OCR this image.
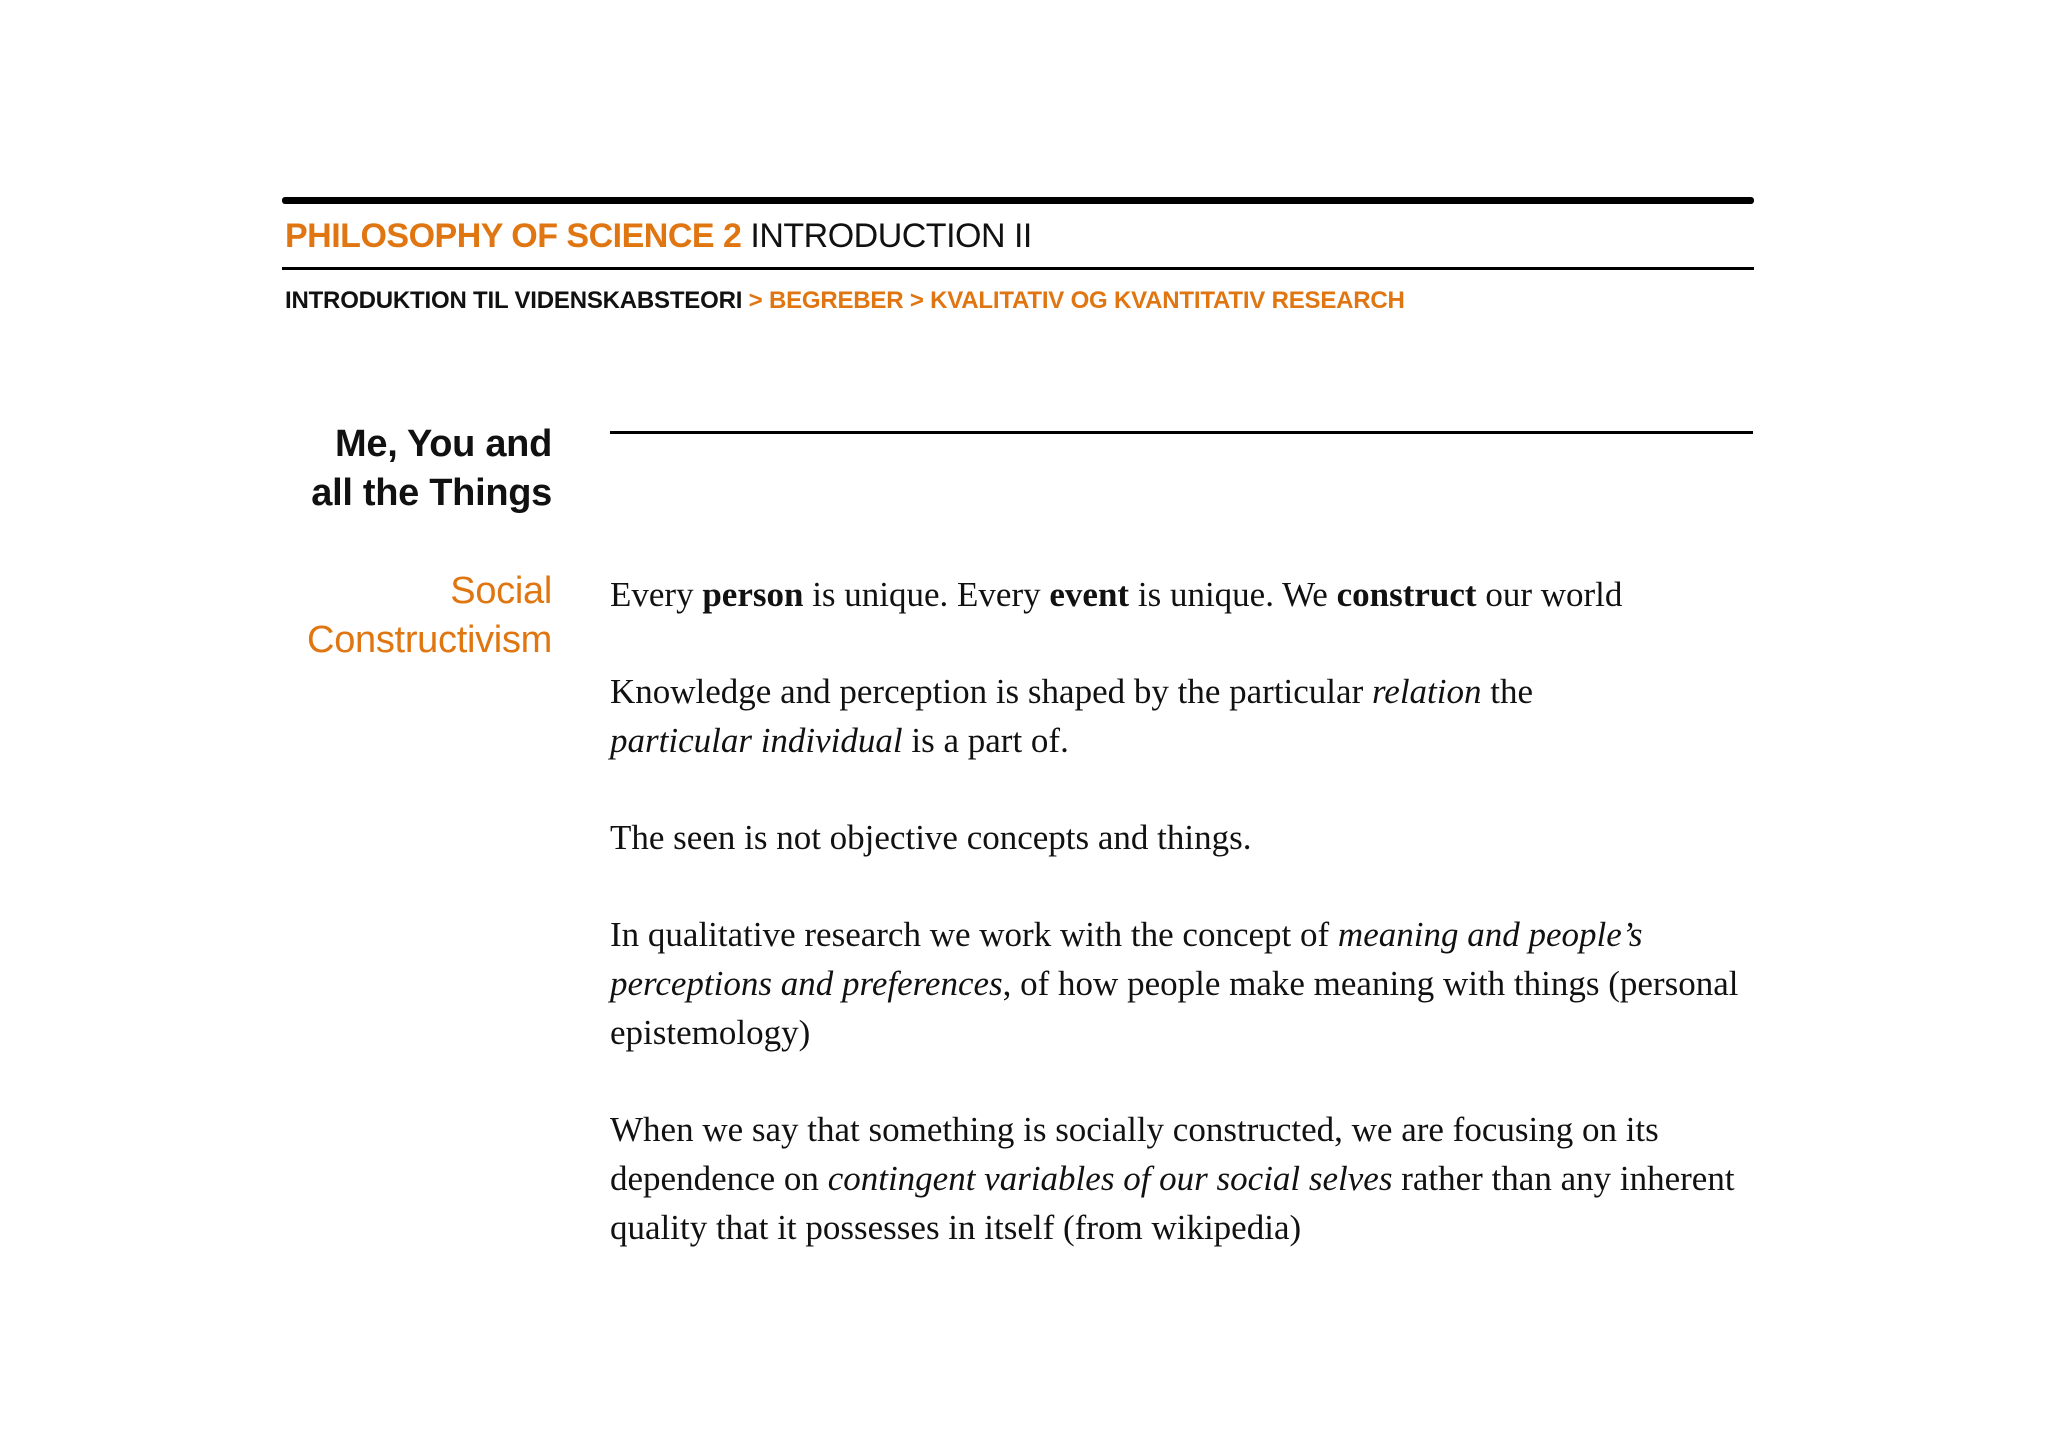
PHILOSOPHY OF SCIENCE 2 INTRODUCTION II
INTRODUKTION TIL VIDENSKABSTEORI > BEGREBER > KVALITATIV OG KVANTITATIV RESEARCH
Me, You and
all the Things
Social
Constructivism

Every person is unique. Every event is unique. We construct our world

Knowledge and perception is shaped by the particular relation the
particular individual is a part of.

The seen is not objective concepts and things.

In qualitative research we work with the concept of meaning and people’s perceptions and preferences, of how people make meaning with things (personal epistemology)

When we say that something is socially constructed, we are focusing on its dependence on contingent variables of our social selves rather than any inherent quality that it possesses in itself (from wikipedia)
